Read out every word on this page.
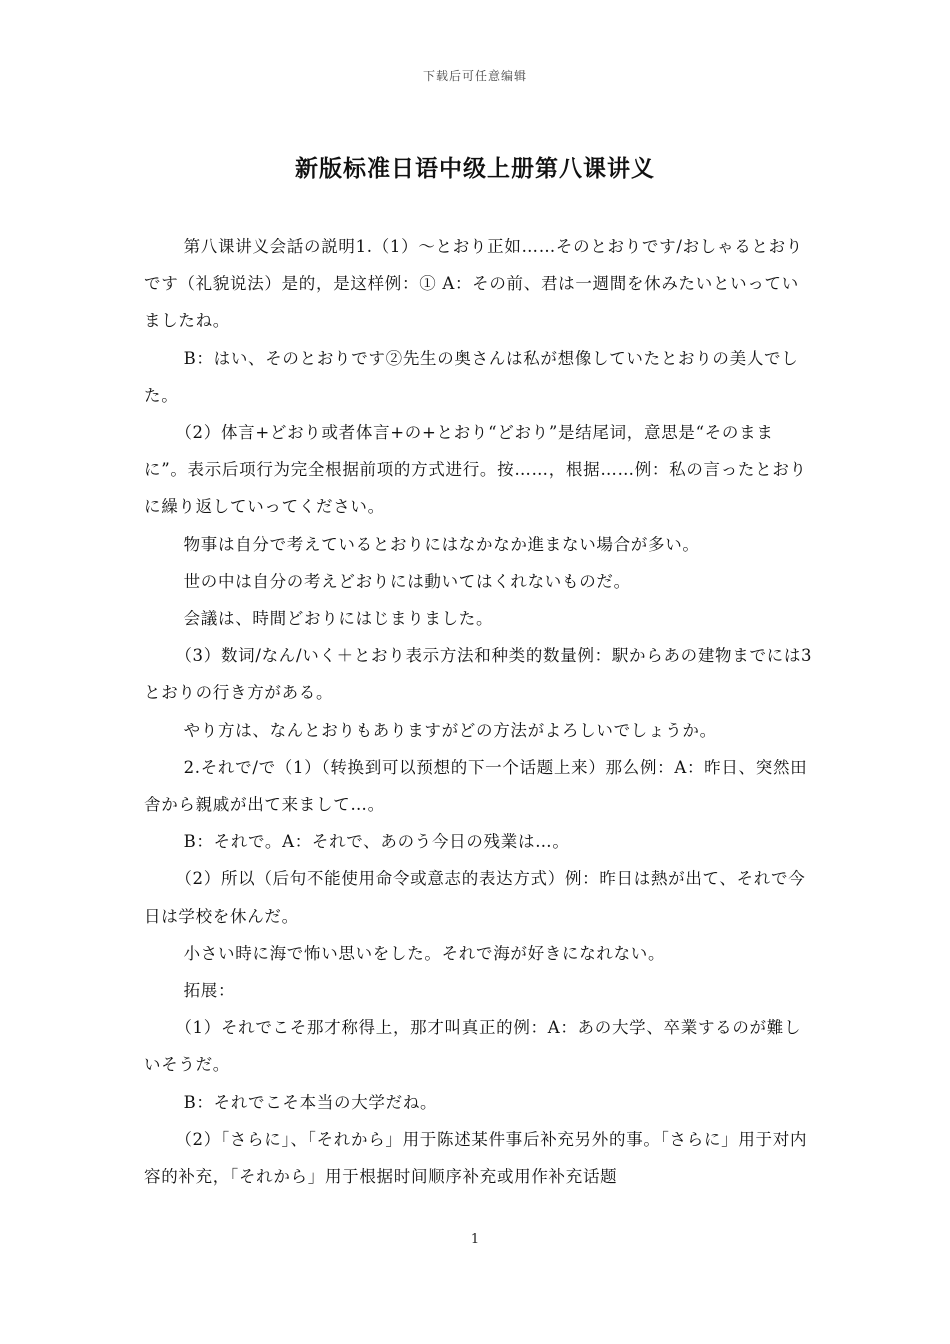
下载后可任意编辑
新版标准日语中级上册第八课讲义

第八课讲义会話の説明1.（1）～とおり正如……そのとおりです/おしゃるとおりです（礼貌说法）是的，是这样例：① A：その前、君は一週間を休みたいといっていましたね。

B：はい、そのとおりです②先生の奥さんは私が想像していたとおりの美人でした。

（2）体言+どおり或者体言+の+とおり“どおり”是结尾词，意思是“そのままに”。表示后项行为完全根据前项的方式进行。按……，根据……例：私の言ったとおりに繰り返していってください。

物事は自分で考えているとおりにはなかなか進まない場合が多い。

世の中は自分の考えどおりには動いてはくれないものだ。

会議は、時間どおりにはじまりました。

（3）数词/なん/いく＋とおり表示方法和种类的数量例：駅からあの建物までには3とおりの行き方がある。

やり方は、なんとおりもありますがどの方法がよろしいでしょうか。

2.それで/で（1）（转换到可以预想的下一个话题上来）那么例：A：昨日、突然田舎から親戚が出て来まして…。

B：それで。A：それで、あのう今日の残業は…。

（2）所以（后句不能使用命令或意志的表达方式）例：昨日は熱が出て、それで今日は学校を休んだ。

小さい時に海で怖い思いをした。それで海が好きになれない。

拓展：

（1）それでこそ那才称得上，那才叫真正的例：A：あの大学、卒業するのが難しいそうだ。

B：それでこそ本当の大学だね。

（2）「さらに」、「それから」用于陈述某件事后补充另外的事。「さらに」用于对内容的补充，「それから」用于根据时间顺序补充或用作补充话题

1
